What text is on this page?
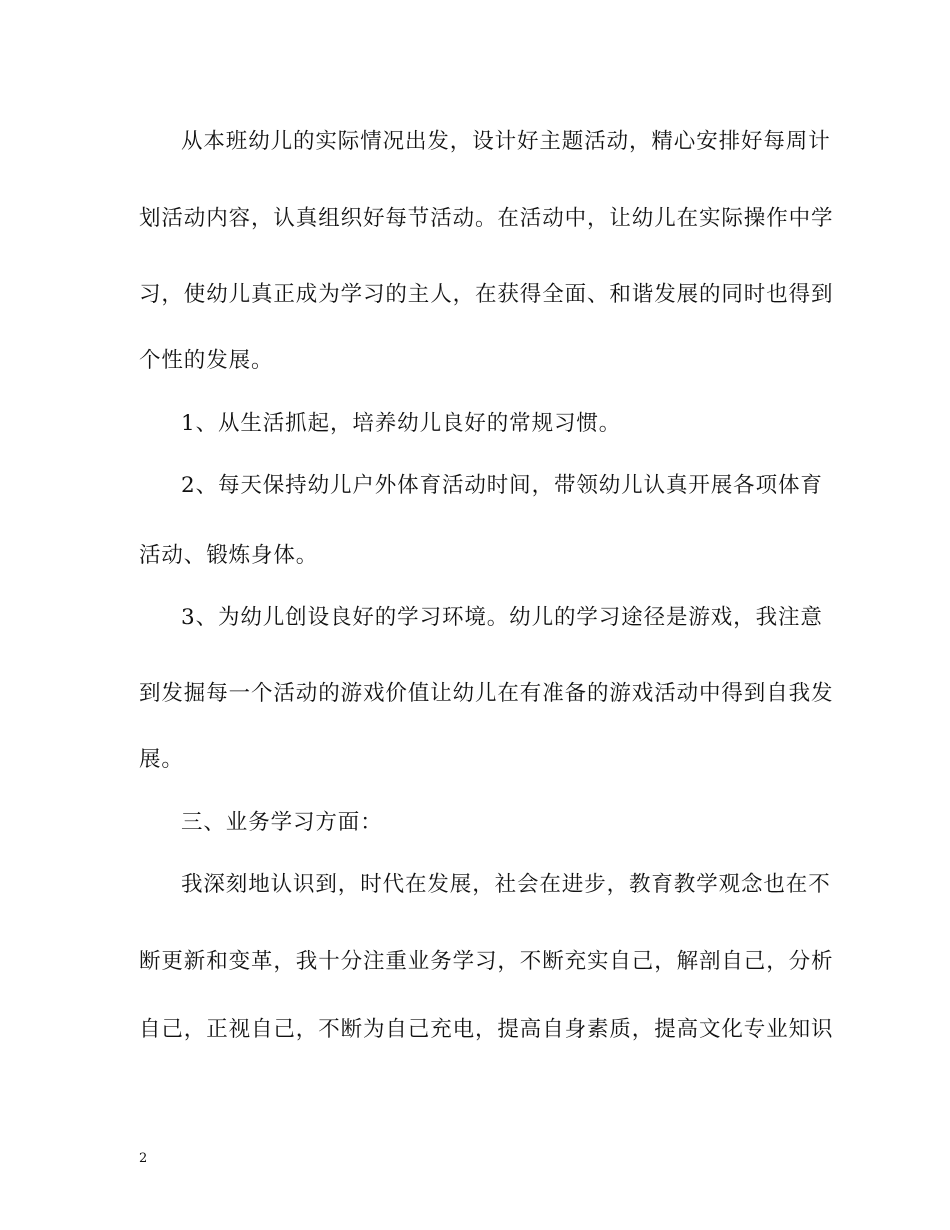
从本班幼儿的实际情况出发，设计好主题活动，精心安排好每周计
划活动内容，认真组织好每节活动。在活动中，让幼儿在实际操作中学
习，使幼儿真正成为学习的主人，在获得全面、和谐发展的同时也得到
个性的发展。
1、从生活抓起，培养幼儿良好的常规习惯。
2、每天保持幼儿户外体育活动时间，带领幼儿认真开展各项体育
活动、锻炼身体。
3、为幼儿创设良好的学习环境。幼儿的学习途径是游戏，我注意
到发掘每一个活动的游戏价值让幼儿在有准备的游戏活动中得到自我发
展。
三、业务学习方面：
我深刻地认识到，时代在发展，社会在进步，教育教学观念也在不
断更新和变革，我十分注重业务学习，不断充实自己，解剖自己，分析
自己，正视自己，不断为自己充电，提高自身素质，提高文化专业知识
2
